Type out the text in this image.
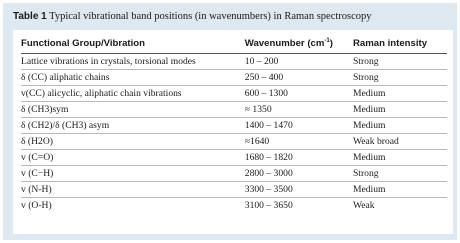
Table 1 Typical vibrational band positions (in wavenumbers) in Raman spectroscopy
Functional Group/Vibration	Wavenumber $(cm^{-1})$	Raman intensity
Lattice vibrations in crystals, torsional modes	10 – 200	Strong
δ (CC) aliphatic chains	250 – 400	Strong
v(CC) alicyclic, aliphatic chain vibrations	600 – 1300	Medium
δ (CH3)sym	≈ 1350	Medium
δ (CH2)/δ (CH3) asym	1400 – 1470	Medium
δ (H2O)	≈1640	Weak broad
v (C=O)	1680 – 1820	Medium
v (C−H)	2800 – 3000	Strong
v (N-H)	3300 – 3500	Medium
v (O-H)	3100 – 3650	Weak
